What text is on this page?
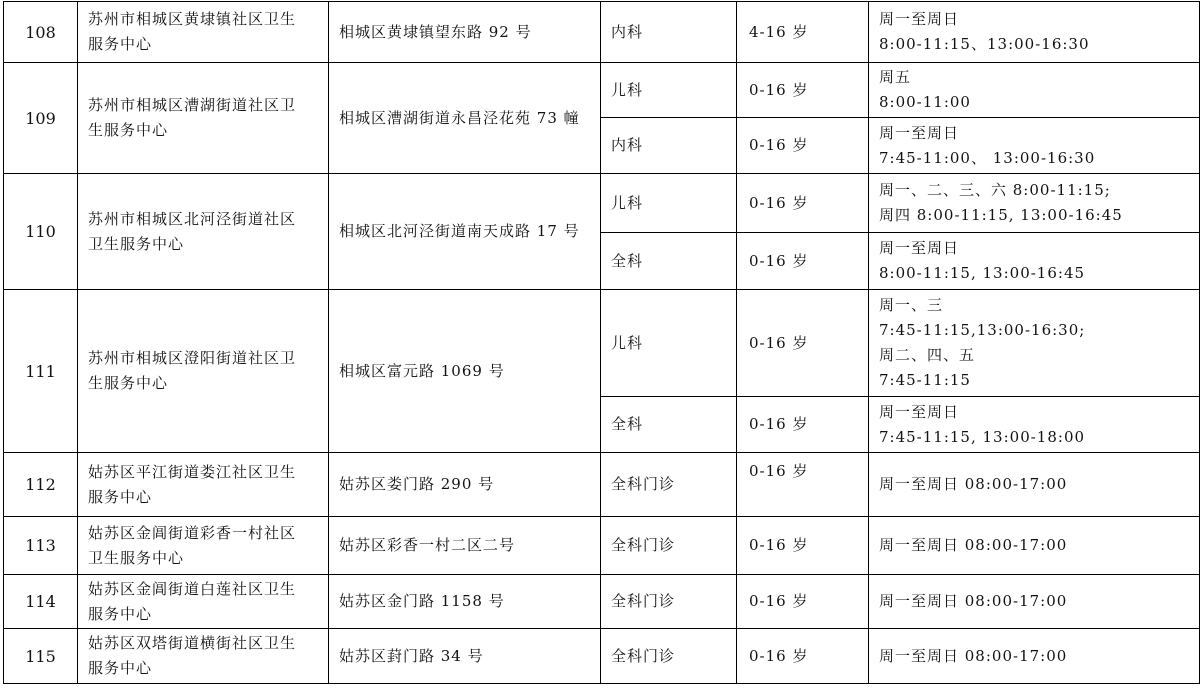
108	苏州市相城区黄埭镇社区卫生
服务中心	相城区黄埭镇望东路 92 号	内科	4-16 岁	周一至周日
8:00-11:15、13:00-16:30

109	苏州市相城区漕湖街道社区卫
生服务中心	相城区漕湖街道永昌泾花苑 73 幢	儿科	0-16 岁	周五
8:00-11:00

			内科	0-16 岁	周一至周日
7:45-11:00、 13:00-16:30

110	苏州市相城区北河泾街道社区
卫生服务中心	相城区北河泾街道南天成路 17 号	儿科	0-16 岁	周一、二、三、六 8:00-11:15;
周四 8:00-11:15, 13:00-16:45

			全科	0-16 岁	周一至周日
8:00-11:15, 13:00-16:45

111	苏州市相城区澄阳街道社区卫
生服务中心	相城区富元路 1069 号	儿科	0-16 岁	周一、三
7:45-11:15,13:00-16:30;
周二、四、五
7:45-11:15

			全科	0-16 岁	周一至周日
7:45-11:15, 13:00-18:00

112	姑苏区平江街道娄江社区卫生
服务中心	姑苏区娄门路 290 号	全科门诊	0-16 岁	周一至周日 08:00-17:00

113	姑苏区金阊街道彩香一村社区
卫生服务中心	姑苏区彩香一村二区二号	全科门诊	0-16 岁	周一至周日 08:00-17:00

114	姑苏区金阊街道白莲社区卫生
服务中心	姑苏区金门路 1158 号	全科门诊	0-16 岁	周一至周日 08:00-17:00

115	姑苏区双塔街道横街社区卫生
服务中心	姑苏区葑门路 34 号	全科门诊	0-16 岁	周一至周日 08:00-17:00
